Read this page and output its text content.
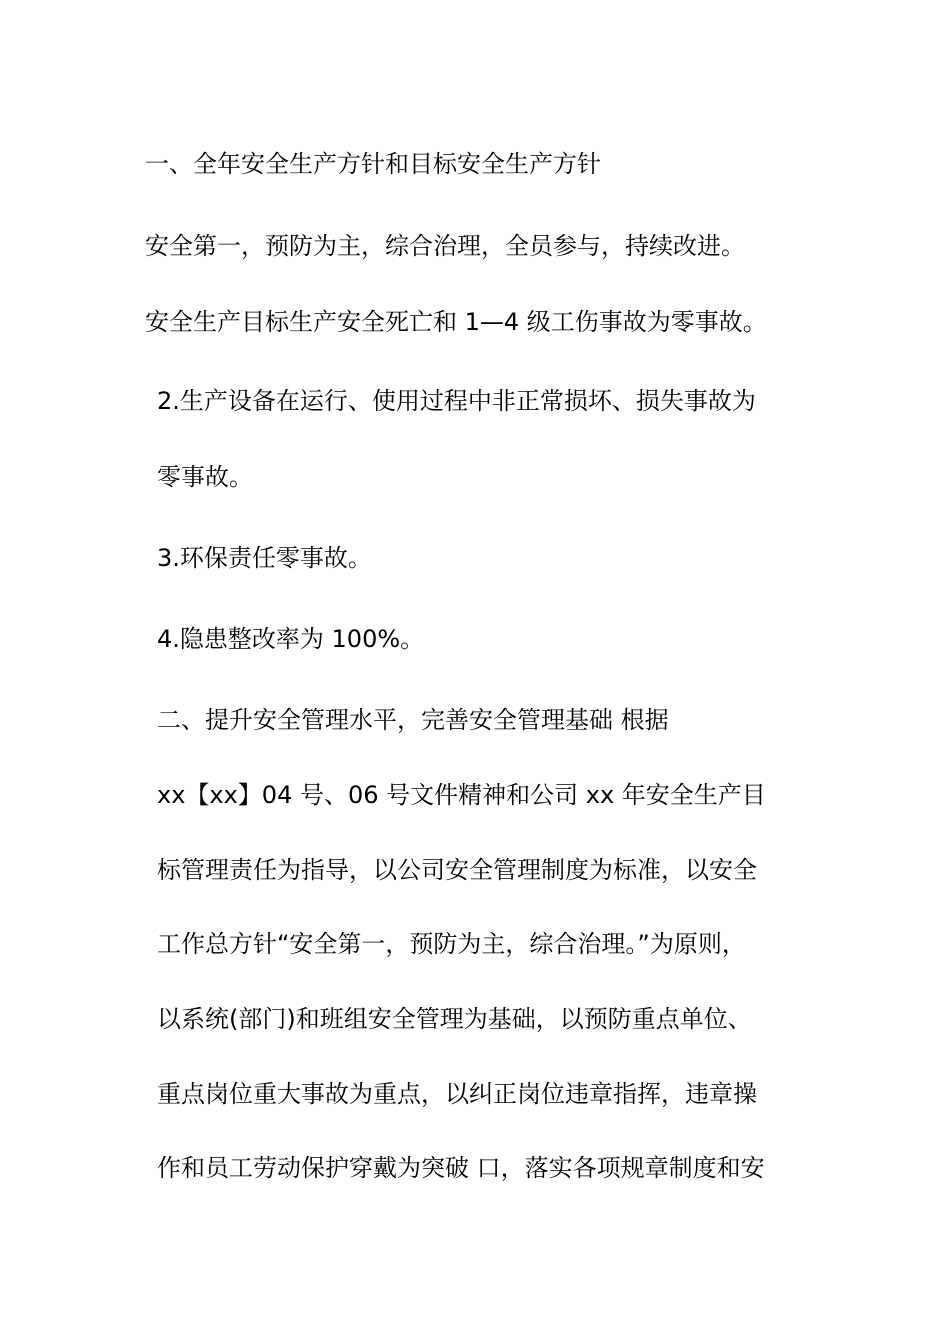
一、全年安全生产方针和目标安全生产方针
安全第一，预防为主，综合治理，全员参与，持续改进。
安全生产目标生产安全死亡和 1—4 级工伤事故为零事故。
2.生产设备在运行、使用过程中非正常损坏、损失事故为
零事故。
3.环保责任零事故。
4.隐患整改率为 100%。
二、提升安全管理水平，完善安全管理基础 根据
xx【xx】04 号、06 号文件精神和公司 xx 年安全生产目
标管理责任为指导，以公司安全管理制度为标准，以安全
工作总方针“安全第一，预防为主，综合治理。”为原则，
以系统(部门)和班组安全管理为基础，以预防重点单位、
重点岗位重大事故为重点，以纠正岗位违章指挥，违章操
作和员工劳动保护穿戴为突破 口，落实各项规章制度和安
